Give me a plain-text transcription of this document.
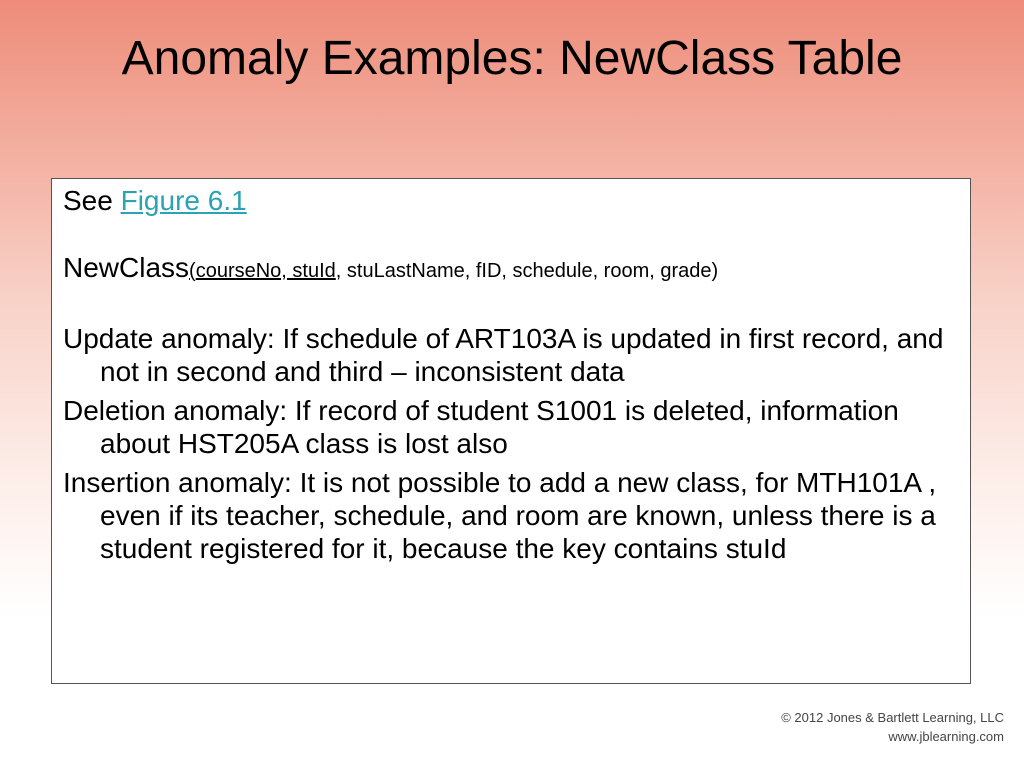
Anomaly Examples: NewClass Table

See Figure 6.1

NewClass(courseNo, stuId, stuLastName, fID, schedule, room, grade)

Update anomaly: If schedule of ART103A is updated in first record, and not in second and third – inconsistent data

Deletion anomaly: If record of student S1001 is deleted, information about HST205A class is lost also

Insertion anomaly: It is not possible to add a new class, for MTH101A , even if its teacher, schedule, and room are known, unless there is a student registered for it, because the key contains stuId

© 2012 Jones & Bartlett Learning, LLC
www.jblearning.com
